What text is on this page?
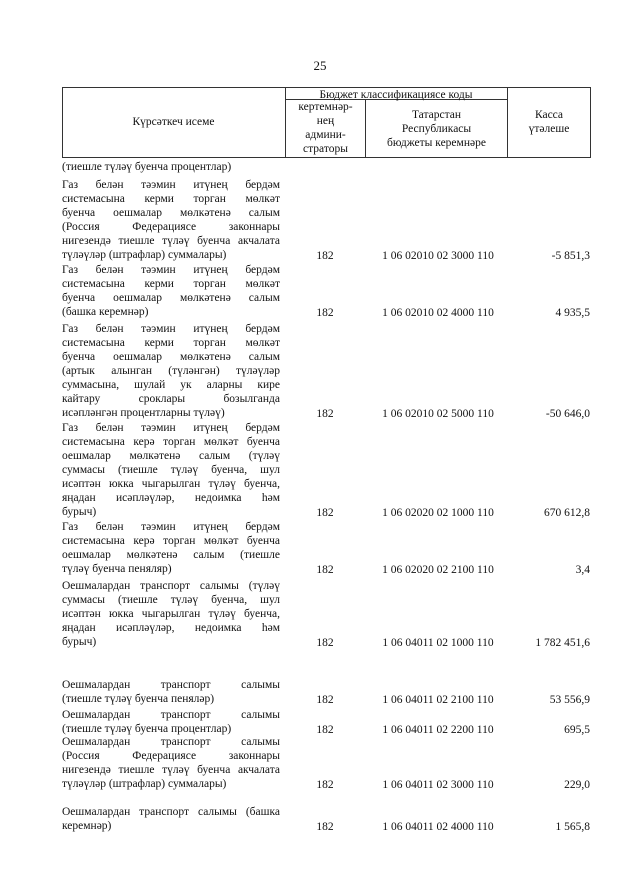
25
Күрсәткеч исеме
Бюджет классификациясе коды
кертемнәр-
нең
админи-
страторы
Татарстан
Республикасы
бюджеты керемнәре
Касса
үтәлеше
(тиешле түләү буенча процентлар)
Газ белән тәэмин итүнең бердәм
системасына керми торган мөлкәт
буенча оешмалар мөлкәтенә салым
(Россия Федерациясе законнары
нигезендә тиешле түләү буенча акчалата
түләүләр (штрафлар) суммалары)	182	1 06 02010 02 3000 110	-5 851,3
Газ белән тәэмин итүнең бердәм
системасына керми торган мөлкәт
буенча оешмалар мөлкәтенә салым
(башка керемнәр)	182	1 06 02010 02 4000 110	4 935,5
Газ белән тәэмин итүнең бердәм
системасына керми торган мөлкәт
буенча оешмалар мөлкәтенә салым
(артык алынган (түләнгән) түләүләр
суммасына, шулай ук аларны кире
кайтару сроклары бозылганда
исәпләнгән процентларны түләү)	182	1 06 02010 02 5000 110	-50 646,0
Газ белән тәэмин итүнең бердәм
системасына керә торган мөлкәт буенча
оешмалар мөлкәтенә салым (түләү
суммасы (тиешле түләү буенча, шул
исәптән юкка чыгарылган түләү буенча,
яңадан исәпләүләр, недоимка һәм
бурыч)	182	1 06 02020 02 1000 110	670 612,8
Газ белән тәэмин итүнең бердәм
системасына керә торган мөлкәт буенча
оешмалар мөлкәтенә салым (тиешле
түләү буенча пеняляр)	182	1 06 02020 02 2100 110	3,4
Оешмалардан транспорт салымы (түләү
суммасы (тиешле түләү буенча, шул
исәптән юкка чыгарылган түләү буенча,
яңадан исәпләүләр, недоимка һәм
бурыч)	182	1 06 04011 02 1000 110	1 782 451,6
Оешмалардан транспорт салымы
(тиешле түләү буенча пеняләр)	182	1 06 04011 02 2100 110	53 556,9
Оешмалардан транспорт салымы
(тиешле түләү буенча процентлар)	182	1 06 04011 02 2200 110	695,5
Оешмалардан транспорт салымы
(Россия Федерациясе законнары
нигезендә тиешле түләү буенча акчалата
түләүләр (штрафлар) суммалары)	182	1 06 04011 02 3000 110	229,0
Оешмалардан транспорт салымы (башка
керемнәр)	182	1 06 04011 02 4000 110	1 565,8
